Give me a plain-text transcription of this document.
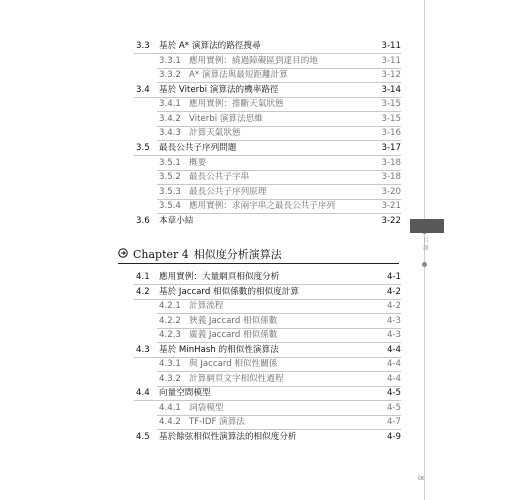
目錄
Chapter 4 相似度分析演算法
3.3 基於 A* 演算法的路徑搜尋	3-11
3.3.1 應用實例：繞過障礙區到達目的地	3-11
3.3.2 A* 演算法與最短距離計算	3-12
3.4 基於 Viterbi 演算法的機率路徑	3-14
3.4.1 應用實例：推斷天氣狀態	3-15
3.4.2 Viterbi 演算法思維	3-15
3.4.3 計算天氣狀態	3-16
3.5 最長公共子序列問題	3-17
3.5.1 概要	3-18
3.5.2 最長公共子字串	3-18
3.5.3 最長公共子序列原理	3-20
3.5.4 應用實例：求兩字串之最長公共子序列	3-21
3.6 本章小結	3-22
4.1 應用實例：大量網頁相似度分析	4-1
4.2 基於 Jaccard 相似係數的相似度計算	4-2
4.2.1 計算流程	4-2
4.2.2 狹義 Jaccard 相似係數	4-3
4.2.3 廣義 Jaccard 相似係數	4-3
4.3 基於 MinHash 的相似性演算法	4-4
4.3.1 與 Jaccard 相似性關係	4-4
4.3.2 計算網頁文字相似性過程	4-4
4.4 向量空間模型	4-5
4.4.1 詞袋模型	4-5
4.4.2 TF-IDF 演算法	4-7
4.5 基於餘弦相似性演算法的相似度分析	4-9
ix
